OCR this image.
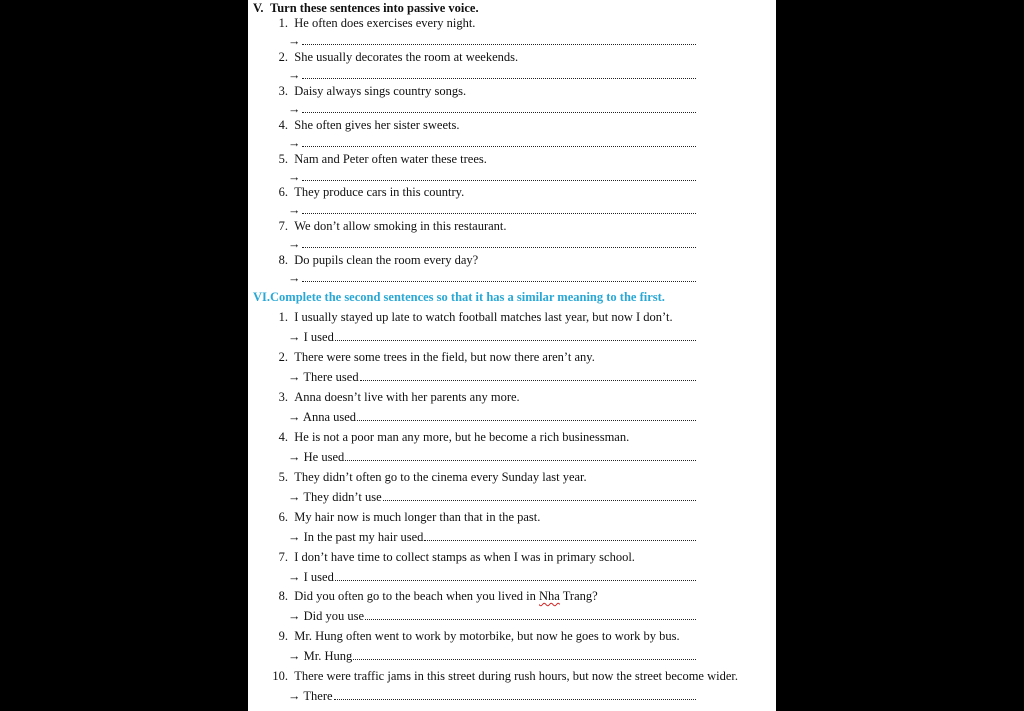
V. Turn these sentences into passive voice.
1. He often does exercises every night.
→
2. She usually decorates the room at weekends.
→
3. Daisy always sings country songs.
→
4. She often gives her sister sweets.
→
5. Nam and Peter often water these trees.
→
6. They produce cars in this country.
→
7. We don’t allow smoking in this restaurant.
→
8. Do pupils clean the room every day?
→
VI.Complete the second sentences so that it has a similar meaning to the first.
1. I usually stayed up late to watch football matches last year, but now I don’t.
→ I used
2. There were some trees in the field, but now there aren’t any.
→ There used
3. Anna doesn’t live with her parents any more.
→ Anna used
4. He is not a poor man any more, but he become a rich businessman.
→ He used
5. They didn’t often go to the cinema every Sunday last year.
→ They didn’t use
6. My hair now is much longer than that in the past.
→ In the past my hair used
7. I don’t have time to collect stamps as when I was in primary school.
→ I used
8. Did you often go to the beach when you lived in Nha Trang?
→ Did you use
9. Mr. Hung often went to work by motorbike, but now he goes to work by bus.
→ Mr. Hung
10. There were traffic jams in this street during rush hours, but now the street become wider.
→ There
